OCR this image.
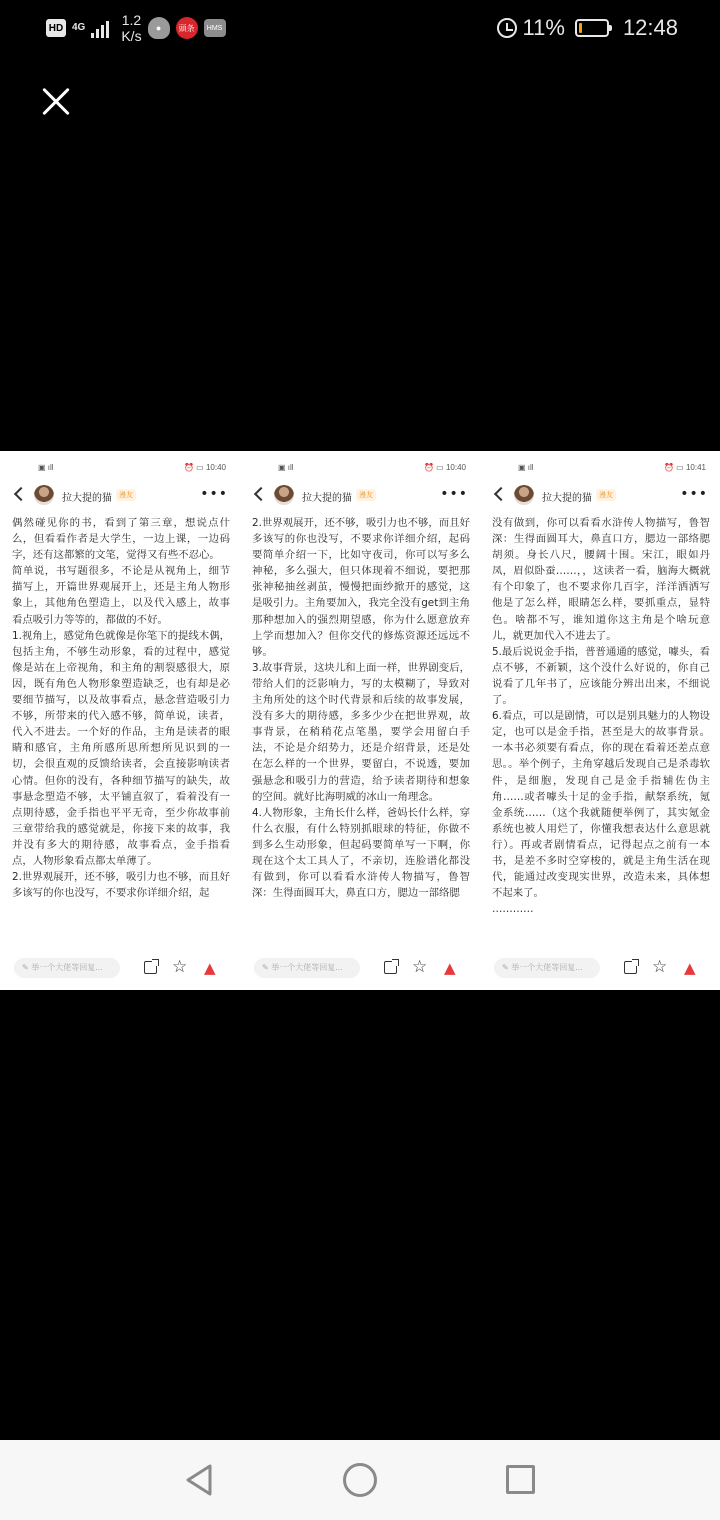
HD 4G	1.2
K/s	●	頭条	HMS	11%	12:48
▣ ıll	⏰ ▭ 10:40
拉大提的猫	漫友	•••

偶然碰见你的书，看到了第三章，想说点什么，但看看作者是大学生，一边上课，一边码字，还有这都繁的文笔，觉得又有些不忍心。

简单说，书写题很多，不论是从视角上，细节描写上，开篇世界观展开上，还是主角人物形象上，其他角色塑造上，以及代入感上，故事看点吸引力等等的，都做的不好。

1.视角上，感觉角色就像是你笔下的提线木偶，包括主角，不够生动形象，看的过程中，感觉像是站在上帝视角，和主角的割裂感很大，原因，既有角色人物形象塑造缺乏，也有却是必要细节描写，以及故事看点，悬念营造吸引力不够，所带来的代入感不够，简单说，读者，代入不进去。一个好的作品，主角是读者的眼睛和感官，主角所感所思所想所见识到的一切，会很直观的反馈给读者，会直接影响读者心情。但你的没有，各种细节描写的缺失，故事悬念塑造不够，太平铺直叙了，看着没有一点期待感，金手指也平平无奇，至少你故事前三章带给我的感觉就是，你接下来的故事，我并没有多大的期待感，故事看点，金手指看点，人物形象看点都太单薄了。

2.世界观展开，还不够，吸引力也不够，而且好多该写的你也没写，不要求你详细介绍，起

✎ 举一个大佬等回复...	☆ ▲
▣ ıll	⏰ ▭ 10:40
拉大提的猫	漫友	•••

2.世界观展开，还不够，吸引力也不够，而且好多该写的你也没写，不要求你详细介绍，起码要简单介绍一下，比如守夜司，你可以写多么神秘，多么强大，但只体现着不细说，要把那张神秘抽丝剥茧，慢慢把面纱掀开的感觉，这是吸引力。主角要加入，我完全没有get到主角那种想加入的强烈期望感，你为什么愿意放弃上学而想加入？但你交代的修炼资源还远远不够。

3.故事背景，这块儿和上面一样，世界剧变后，带给人们的泛影响力，写的太模糊了，导致对主角所处的这个时代背景和后续的故事发展，没有多大的期待感，多多少少在把世界观，故事背景，在稍稍花点笔墨，要学会用留白手法，不论是介绍势力，还是介绍背景，还是处在怎么样的一个世界，要留白，不说透，要加强悬念和吸引力的营造，给予读者期待和想象的空间。就好比海明威的冰山一角理念。

4.人物形象，主角长什么样，爸妈长什么样，穿什么衣服，有什么特别抓眼球的特征，你做不到多么生动形象，但起码要简单写一下啊，你现在这个太工具人了，不亲切，连脸谱化都没有做到，你可以看看水浒传人物描写，鲁智深：生得面圆耳大，鼻直口方，腮边一部络腮

✎ 举一个大佬等回复...	☆ ▲
▣ ıll	⏰ ▭ 10:41
拉大提的猫	漫友	•••

没有做到，你可以看看水浒传人物描写，鲁智深：生得面圆耳大，鼻直口方，腮边一部络腮胡须。身长八尺，腰阔十围。宋江，眼如丹凤，眉似卧蚕……，，这读者一看，脑海大概就有个印象了，也不要求你几百字，洋洋洒洒写他是了怎么样，眼睛怎么样，要抓重点，显特色。啥都不写，谁知道你这主角是个啥玩意儿，就更加代入不进去了。

5.最后说说金手指，普普通通的感觉，噱头，看点不够，不新颖，这个没什么好说的，你自己说看了几年书了，应该能分辨出出来，不细说了。

6.看点，可以是剧情，可以是别具魅力的人物设定，也可以是金手指，甚至是大的故事背景。一本书必须要有看点，你的现在看着还差点意思。。举个例子，主角穿越后发现自己是杀毒软件，是细胞，发现自己是金手指辅佐伪主角……或者噱头十足的金手指，献祭系统，氪金系统……（这个我就随便举例了，其实氪金系统也被人用烂了，你懂我想表达什么意思就行）。再或者剧情看点，记得起点之前有一本书，是差不多时空穿梭的，就是主角生活在现代，能通过改变现实世界，改造未来，具体想不起来了。

…………

✎ 举一个大佬等回复...	☆ ▲
